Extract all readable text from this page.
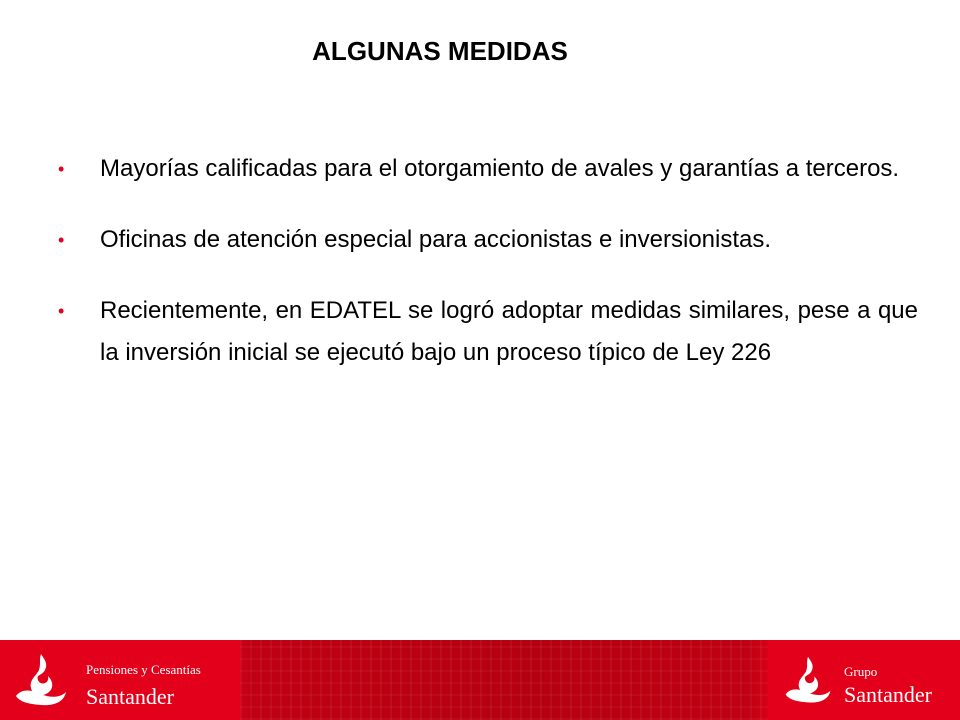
ALGUNAS MEDIDAS
• Mayorías calificadas para el otorgamiento de avales y garantías a terceros.
• Oficinas de atención especial para accionistas e inversionistas.
• Recientemente, en EDATEL se logró adoptar medidas similares, pese a que la inversión inicial se ejecutó bajo un proceso típico de Ley 226
Pensiones y Cesantías
Santander
Grupo
Santander
